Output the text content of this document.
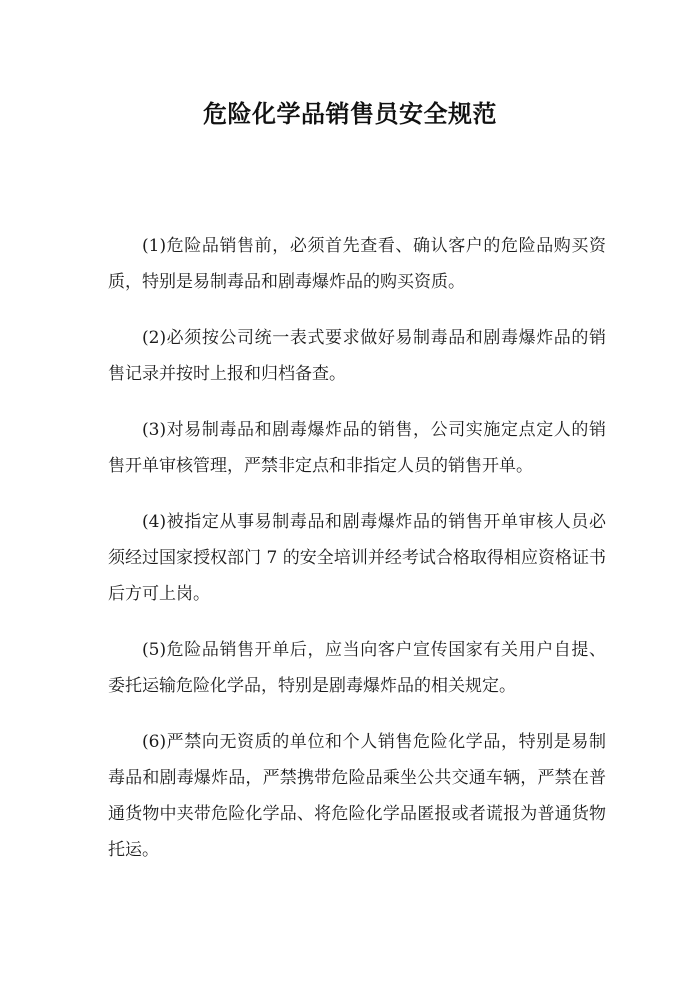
危险化学品销售员安全规范

(1)危险品销售前，必须首先查看、确认客户的危险品购买资质，特别是易制毒品和剧毒爆炸品的购买资质。

(2)必须按公司统一表式要求做好易制毒品和剧毒爆炸品的销售记录并按时上报和归档备查。

(3)对易制毒品和剧毒爆炸品的销售，公司实施定点定人的销售开单审核管理，严禁非定点和非指定人员的销售开单。

(4)被指定从事易制毒品和剧毒爆炸品的销售开单审核人员必须经过国家授权部门 7 的安全培训并经考试合格取得相应资格证书后方可上岗。

(5)危险品销售开单后，应当向客户宣传国家有关用户自提、委托运输危险化学品，特别是剧毒爆炸品的相关规定。

(6)严禁向无资质的单位和个人销售危险化学品，特别是易制毒品和剧毒爆炸品，严禁携带危险品乘坐公共交通车辆，严禁在普通货物中夹带危险化学品、将危险化学品匿报或者谎报为普通货物托运。
